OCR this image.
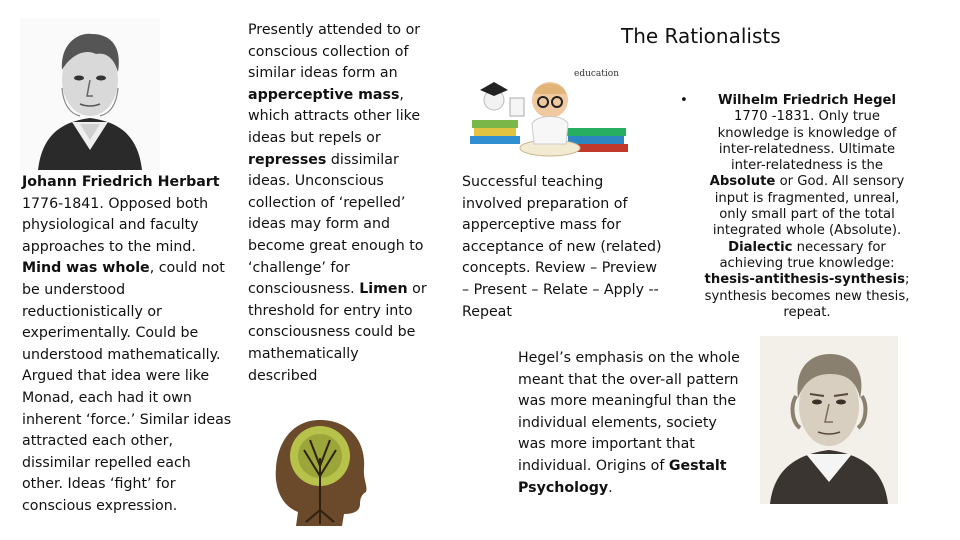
Johann Friedrich Herbart 1776-1841. Opposed both physiological and faculty approaches to the mind. Mind was whole, could not be understood reductionistically or experimentally. Could be understood mathematically. Argued that idea were like Monad, each had it own inherent ‘force.’ Similar ideas attracted each other, dissimilar repelled each other. Ideas ‘fight’ for conscious expression.
Presently attended to or conscious collection of similar ideas form an apperceptive mass, which attracts other like ideas but repels or represses dissimilar ideas. Unconscious collection of ‘repelled’ ideas may form and become great enough to ‘challenge’ for consciousness. Limen or threshold for entry into consciousness could be mathematically described
education
Successful teaching involved preparation of apperceptive mass for acceptance of new (related) concepts. Review – Preview – Present – Relate – Apply -- Repeat
The Rationalists
•	Wilhelm Friedrich Hegel 1770 -1831. Only true knowledge is knowledge of inter-relatedness. Ultimate inter-relatedness is the Absolute or God. All sensory input is fragmented, unreal, only small part of the total integrated whole (Absolute). Dialectic necessary for achieving true knowledge: thesis-antithesis-synthesis; synthesis becomes new thesis, repeat.
Hegel’s emphasis on the whole meant that the over-all pattern was more meaningful than the individual elements, society was more important that individual. Origins of Gestalt Psychology.
